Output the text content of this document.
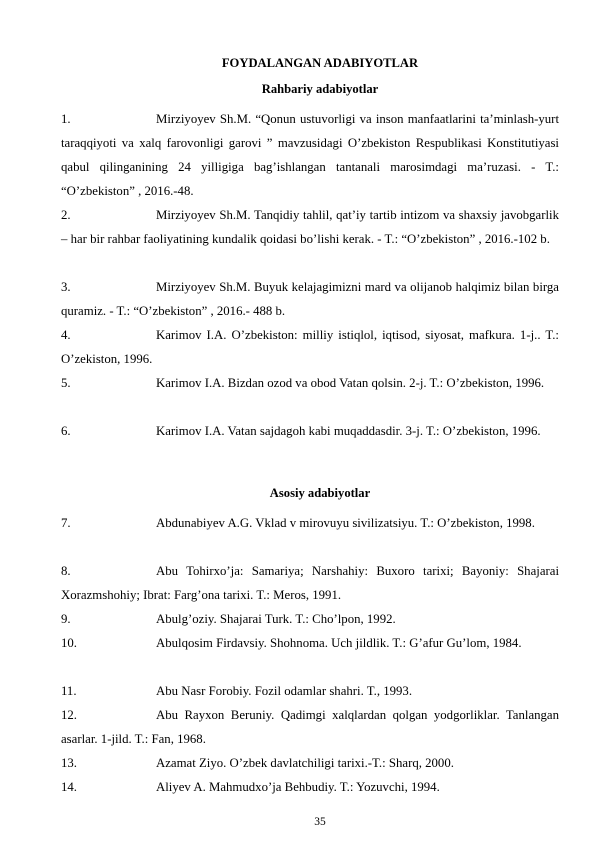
FOYDALANGAN ADABIYOTLAR
Rahbariy adabiyotlar
Asosiy adabiyotlar
1.	Mirziyoyev Sh.M. “Qonun ustuvorligi va inson manfaatlarini ta’minlash-yurt taraqqiyoti va xalq farovonligi garovi ” mavzusidagi O’zbekiston Respublikasi Konstitutiyasi qabul qilinganining 24 yilligiga bag’ishlangan tantanali marosimdagi ma’ruzasi. - T.: “O’zbekiston” , 2016.-48.

2.	Mirziyoyev Sh.M. Tanqidiy tahlil, qat’iy tartib intizom va shaxsiy javobgarlik – har bir rahbar faoliyatining kundalik qoidasi bo’lishi kerak. - T.: “O’zbekiston” , 2016.-102 b.

3.	Mirziyoyev Sh.M. Buyuk kelajagimizni mard va olijanob halqimiz bilan birga quramiz. - T.: “O’zbekiston” , 2016.- 488 b.

4.	Karimov I.A. O’zbekiston: milliy istiqlol, iqtisod, siyosat, mafkura. 1-j.. T.: O’zekiston, 1996.

5.	Karimov I.A. Bizdan ozod va obod Vatan qolsin. 2-j. T.: O’zbekiston, 1996.

6.	Karimov I.A. Vatan sajdagoh kabi muqaddasdir. 3-j. T.: O’zbekiston, 1996.

7.	Abdunabiyev A.G. Vklad v mirovuyu sivilizatsiyu. T.: O’zbekiston, 1998.

8.	Abu Tohirxo’ja: Samariya; Narshahiy: Buxoro tarixi; Bayoniy: Shajarai Xorazmshohiy; Ibrat: Farg’ona tarixi. T.: Meros, 1991.

9.	Abulg’oziy. Shajarai Turk. T.: Cho’lpon, 1992.

10.	Abulqosim Firdavsiy. Shohnoma. Uch jildlik. T.: G’afur Gu’lom, 1984.

11.	Abu Nasr Forobiy. Fozil odamlar shahri. T., 1993.

12.	Abu Rayxon Beruniy. Qadimgi xalqlardan qolgan yodgorliklar. Tanlangan asarlar. 1-jild. T.: Fan, 1968.

13.	Azamat Ziyo. O’zbek davlatchiligi tarixi.-T.: Sharq, 2000.

14.	Aliyev A. Mahmudxo’ja Behbudiy. T.: Yozuvchi, 1994.

35
